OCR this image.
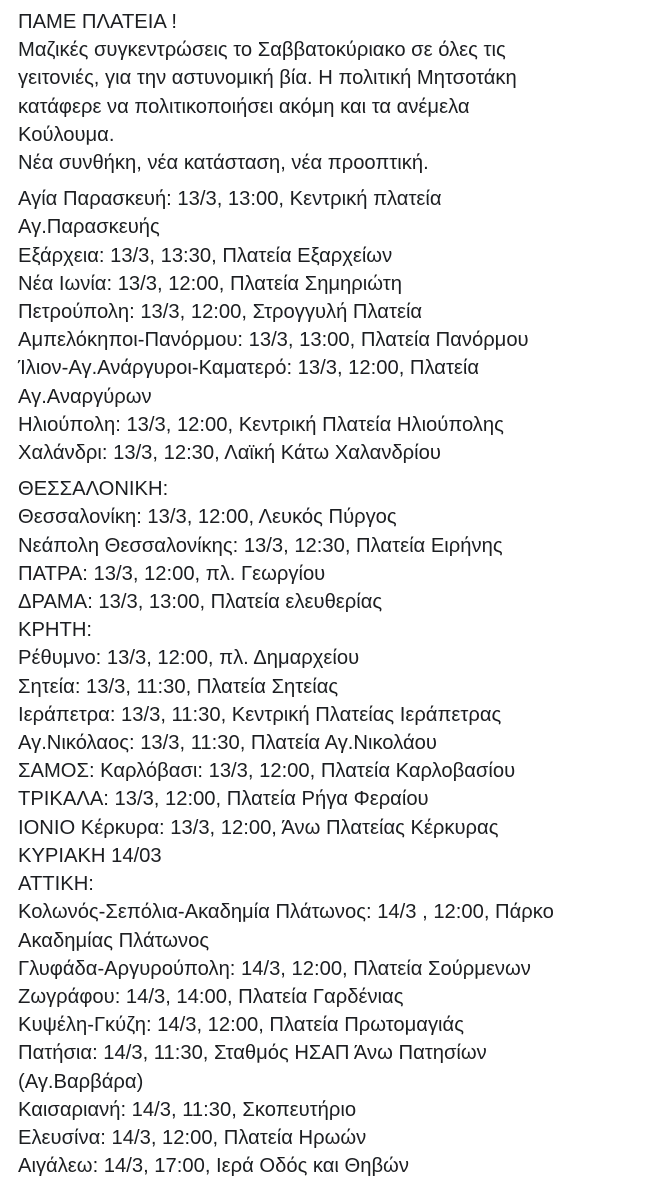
ΠΑΜΕ ΠΛΑΤΕΙΑ !
Μαζικές συγκεντρώσεις το Σαββατοκύριακο σε όλες τις
γειτονιές, για την αστυνομική βία. Η πολιτική Μητσοτάκη
κατάφερε να πολιτικοποιήσει ακόμη και τα ανέμελα
Κούλουμα.
Νέα συνθήκη, νέα κατάσταση, νέα προοπτική.
Αγία Παρασκευή: 13/3, 13:00, Κεντρική πλατεία
Αγ.Παρασκευής
Εξάρχεια: 13/3, 13:30, Πλατεία Εξαρχείων
Νέα Ιωνία: 13/3, 12:00, Πλατεία Σημηριώτη
Πετρούπολη: 13/3, 12:00, Στρογγυλή Πλατεία
Αμπελόκηποι-Πανόρμου: 13/3, 13:00, Πλατεία Πανόρμου
Ίλιον-Αγ.Ανάργυροι-Καματερό: 13/3, 12:00, Πλατεία
Αγ.Αναργύρων
Ηλιούπολη: 13/3, 12:00, Κεντρική Πλατεία Ηλιούπολης
Χαλάνδρι: 13/3, 12:30, Λαϊκή Κάτω Χαλανδρίου
ΘΕΣΣΑΛΟΝΙΚΗ:
Θεσσαλονίκη: 13/3, 12:00, Λευκός Πύργος
Νεάπολη Θεσσαλονίκης: 13/3, 12:30, Πλατεία Ειρήνης
ΠΑΤΡΑ: 13/3, 12:00, πλ. Γεωργίου
ΔΡΑΜΑ: 13/3, 13:00, Πλατεία ελευθερίας
ΚΡΗΤΗ:
Ρέθυμνο: 13/3, 12:00, πλ. Δημαρχείου
Σητεία: 13/3, 11:30, Πλατεία Σητείας
Ιεράπετρα: 13/3, 11:30, Κεντρική Πλατείας Ιεράπετρας
Αγ.Νικόλαος: 13/3, 11:30, Πλατεία Αγ.Νικολάου
ΣΑΜΟΣ: Καρλόβασι: 13/3, 12:00, Πλατεία Καρλοβασίου
ΤΡΙΚΑΛΑ: 13/3, 12:00, Πλατεία Ρήγα Φεραίου
ΙΟΝΙΟ Κέρκυρα: 13/3, 12:00, Άνω Πλατείας Κέρκυρας
ΚΥΡΙΑΚΗ 14/03
ΑΤΤΙΚΗ:
Κολωνός-Σεπόλια-Ακαδημία Πλάτωνος: 14/3 , 12:00, Πάρκο
Ακαδημίας Πλάτωνος
Γλυφάδα-Αργυρούπολη: 14/3, 12:00, Πλατεία Σούρμενων
Ζωγράφου: 14/3, 14:00, Πλατεία Γαρδένιας
Κυψέλη-Γκύζη: 14/3, 12:00, Πλατεία Πρωτομαγιάς
Πατήσια: 14/3, 11:30, Σταθμός ΗΣΑΠ Άνω Πατησίων
(Αγ.Βαρβάρα)
Καισαριανή: 14/3, 11:30, Σκοπευτήριο
Ελευσίνα: 14/3, 12:00, Πλατεία Ηρωών
Αιγάλεω: 14/3, 17:00, Ιερά Οδός και Θηβών
